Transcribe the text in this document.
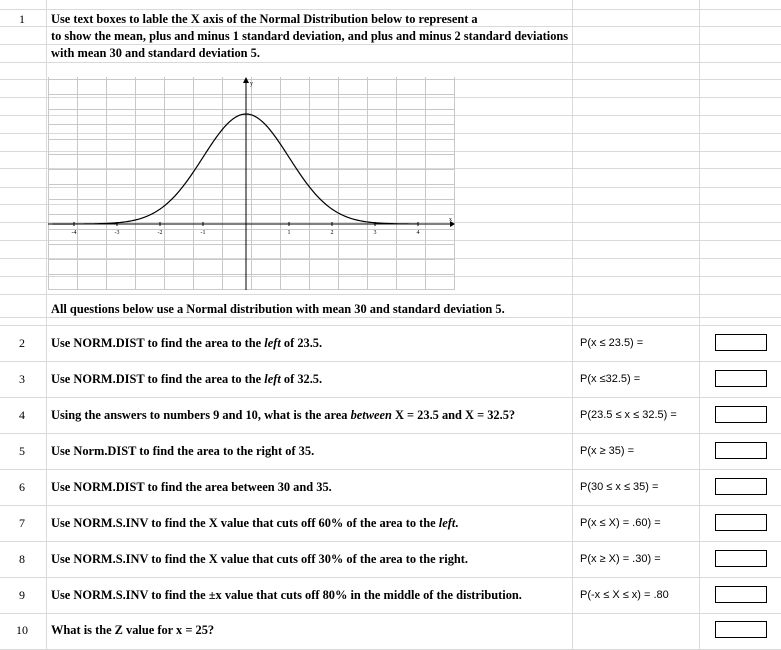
1	Use text boxes to lable the X axis of the Normal Distribution below to represent a
to show the mean, plus and minus 1 standard deviation, and plus and minus 2 standard deviations
with mean 30 and standard deviation 5.
x
y
-4	-3	-2	-1	1	2	3	4
All questions below use a Normal distribution with mean 30 and standard deviation 5.
2	Use NORM.DIST to find the area to the left of 23.5.	P(x ≤ 23.5) =
3	Use NORM.DIST to find the area to the left of 32.5.	P(x ≤32.5) =
4	Using the answers to numbers 9 and 10, what is the area between X = 23.5 and X = 32.5?	P(23.5 ≤ x ≤ 32.5) =
5	Use Norm.DIST to find the area to the right of 35.	P(x ≥ 35) =
6	Use NORM.DIST to find the area between 30 and 35.	P(30 ≤ x ≤ 35) =
7	Use NORM.S.INV to find the X value that cuts off 60% of the area to the left.	P(x ≤ X) = .60) =
8	Use NORM.S.INV to find the X value that cuts off 30% of the area to the right.	P(x ≥ X) = .30) =
9	Use NORM.S.INV to find the ±x value that cuts off 80% in the middle of the distribution.	P(-x ≤ X ≤ x) = .80
10	What is the Z value for x = 25?
